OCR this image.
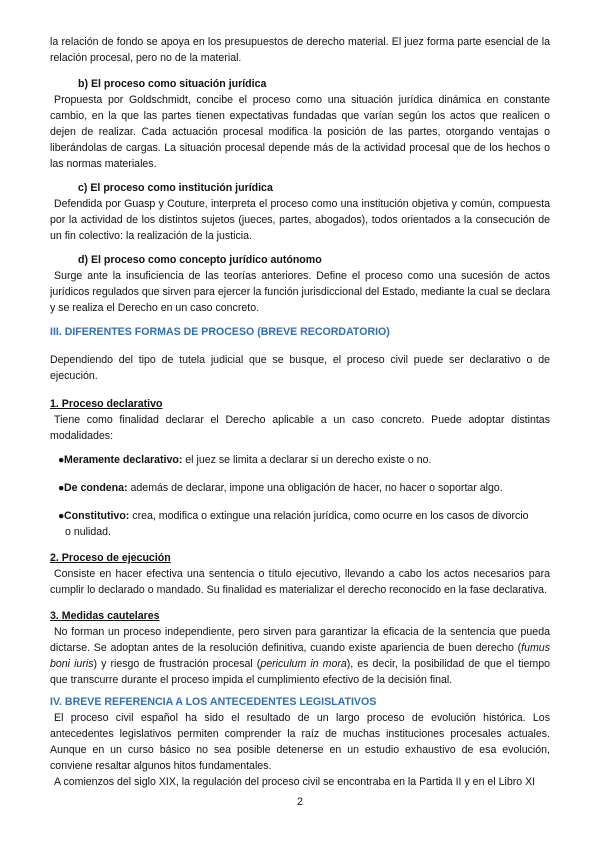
la relación de fondo se apoya en los presupuestos de derecho material. El juez forma parte esencial de la relación procesal, pero no de la material.

b) El proceso como situación jurídica

Propuesta por Goldschmidt, concibe el proceso como una situación jurídica dinámica en constante cambio, en la que las partes tienen expectativas fundadas que varían según los actos que realicen o dejen de realizar. Cada actuación procesal modifica la posición de las partes, otorgando ventajas o liberándolas de cargas. La situación procesal depende más de la actividad procesal que de los hechos o las normas materiales.

c) El proceso como institución jurídica

Defendida por Guasp y Couture, interpreta el proceso como una institución objetiva y común, compuesta por la actividad de los distintos sujetos (jueces, partes, abogados), todos orientados a la consecución de un fin colectivo: la realización de la justicia.

d) El proceso como concepto jurídico autónomo

Surge ante la insuficiencia de las teorías anteriores. Define el proceso como una sucesión de actos jurídicos regulados que sirven para ejercer la función jurisdiccional del Estado, mediante la cual se declara y se realiza el Derecho en un caso concreto.

III. DIFERENTES FORMAS DE PROCESO (BREVE RECORDATORIO)

Dependiendo del tipo de tutela judicial que se busque, el proceso civil puede ser declarativo o de ejecución.

1. Proceso declarativo

Tiene como finalidad declarar el Derecho aplicable a un caso concreto. Puede adoptar distintas modalidades:

●Meramente declarativo: el juez se limita a declarar si un derecho existe o no.

●De condena: además de declarar, impone una obligación de hacer, no hacer o soportar algo.

●Constitutivo: crea, modifica o extingue una relación jurídica, como ocurre en los casos de divorcio
o nulidad.

2. Proceso de ejecución

Consiste en hacer efectiva una sentencia o título ejecutivo, llevando a cabo los actos necesarios para cumplir lo declarado o mandado. Su finalidad es materializar el derecho reconocido en la fase declarativa.

3. Medidas cautelares

No forman un proceso independiente, pero sirven para garantizar la eficacia de la sentencia que pueda dictarse. Se adoptan antes de la resolución definitiva, cuando existe apariencia de buen derecho (fumus boni iuris) y riesgo de frustración procesal (periculum in mora), es decir, la posibilidad de que el tiempo que transcurre durante el proceso impida el cumplimiento efectivo de la decisión final.

IV. BREVE REFERENCIA A LOS ANTECEDENTES LEGISLATIVOS

El proceso civil español ha sido el resultado de un largo proceso de evolución histórica. Los antecedentes legislativos permiten comprender la raíz de muchas instituciones procesales actuales. Aunque en un curso básico no sea posible detenerse en un estudio exhaustivo de esa evolución, conviene resaltar algunos hitos fundamentales.

A comienzos del siglo XIX, la regulación del proceso civil se encontraba en la Partida II y en el Libro XI

2
